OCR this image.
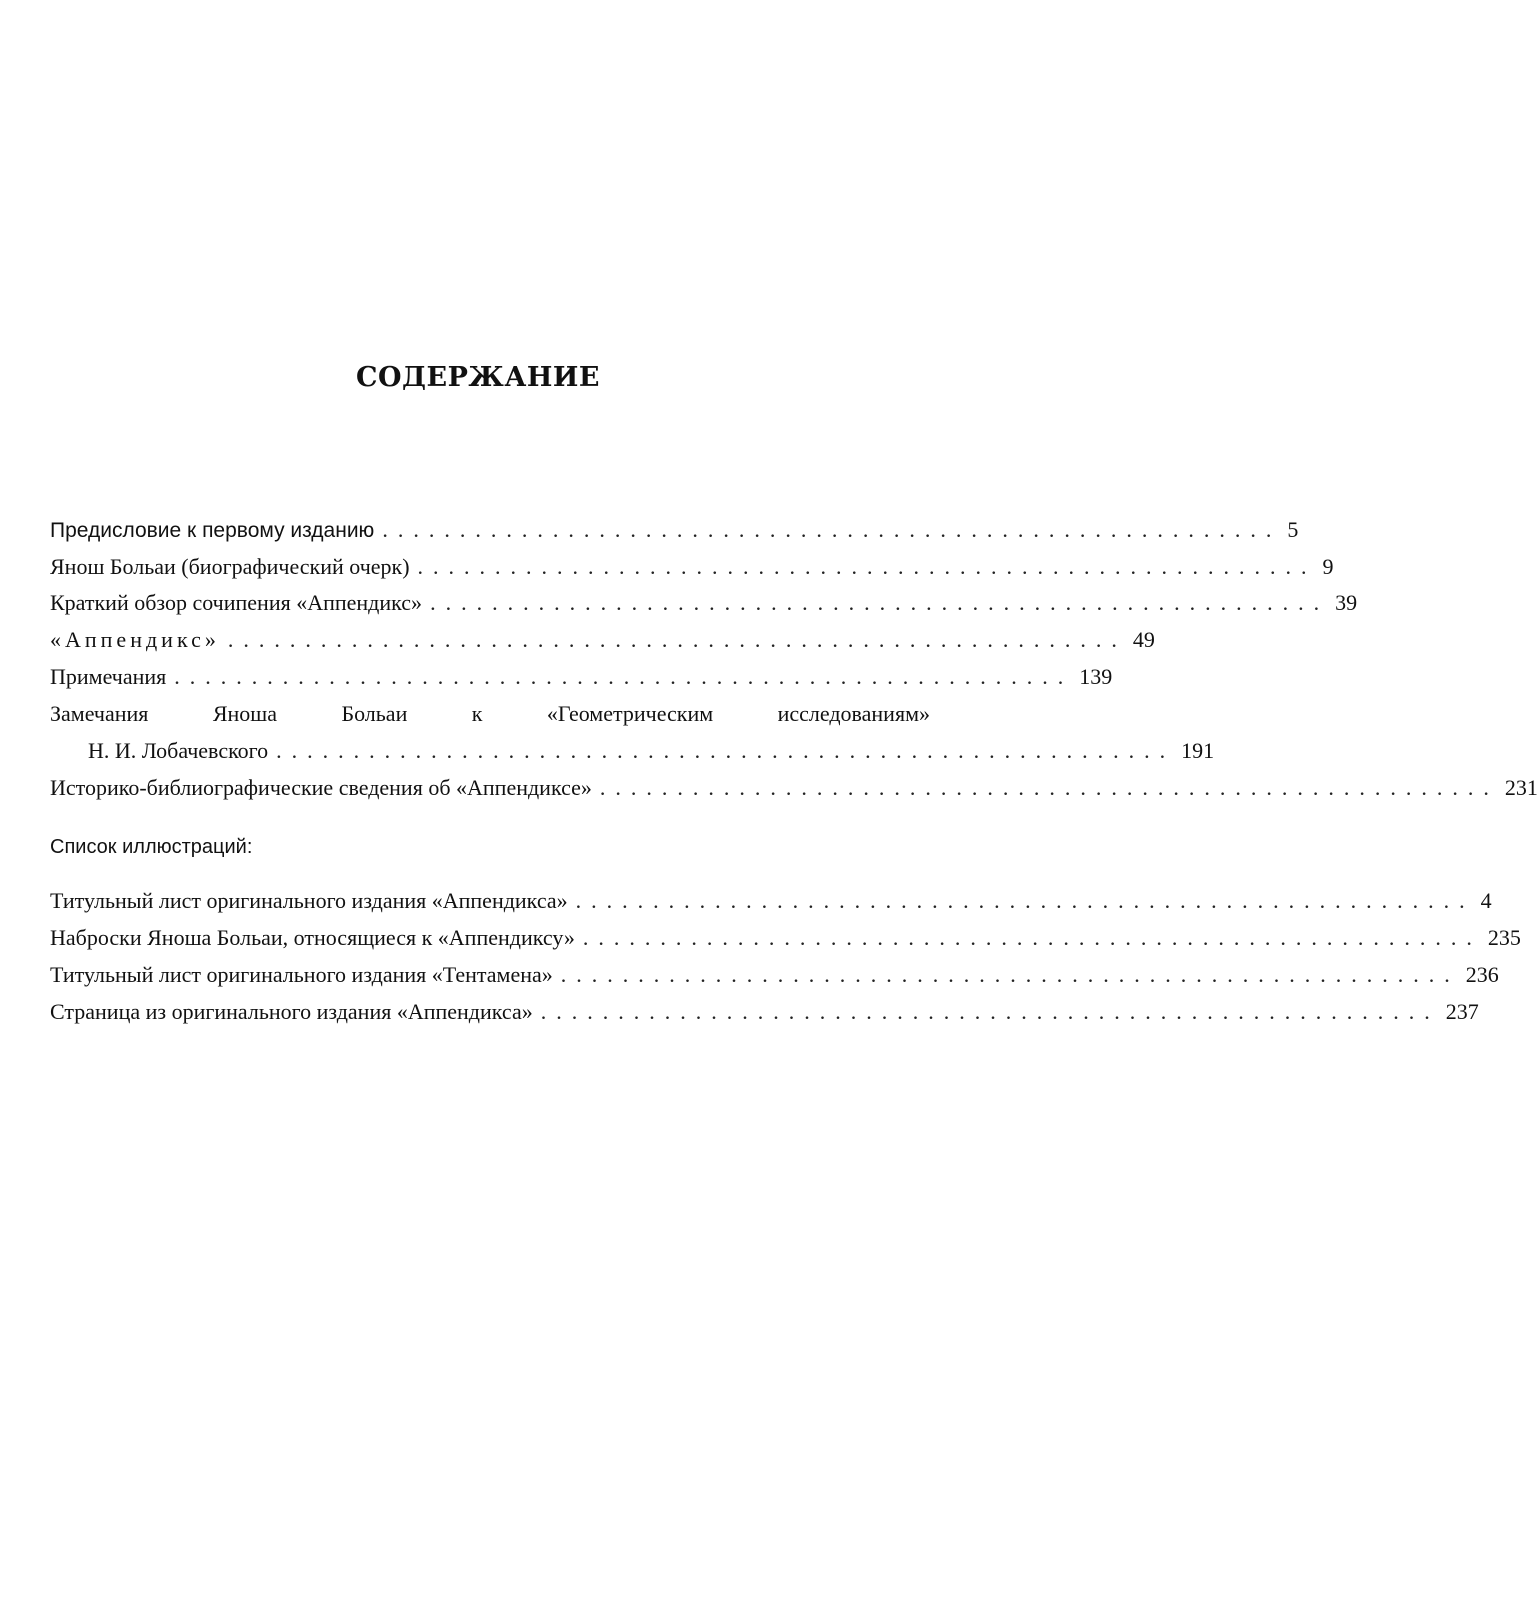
СОДЕРЖАНИЕ
Предисловие к первому изданию .......................................................... 5
Янош Больаи (биографический очерк) .......................................................... 9
Краткий обзор сочипения «Аппендикс» .......................................................... 39
«Аппендикс» .......................................................... 49
Примечания .......................................................... 139
Замечания Яноша Больаи к «Геометрическим исследованиям»
Н. И. Лобачевского .......................................................... 191
Историко-библиографические сведения об «Аппендиксе» .......................................................... 231
Список иллюстраций:
Титульный лист оригинального издания «Аппендикса» .......................................................... 4
Наброски Яноша Больаи, относящиеся к «Аппендиксу» .......................................................... 235
Титульный лист оригинального издания «Тентамена» .......................................................... 236
Страница из оригинального издания «Аппендикса» .......................................................... 237
